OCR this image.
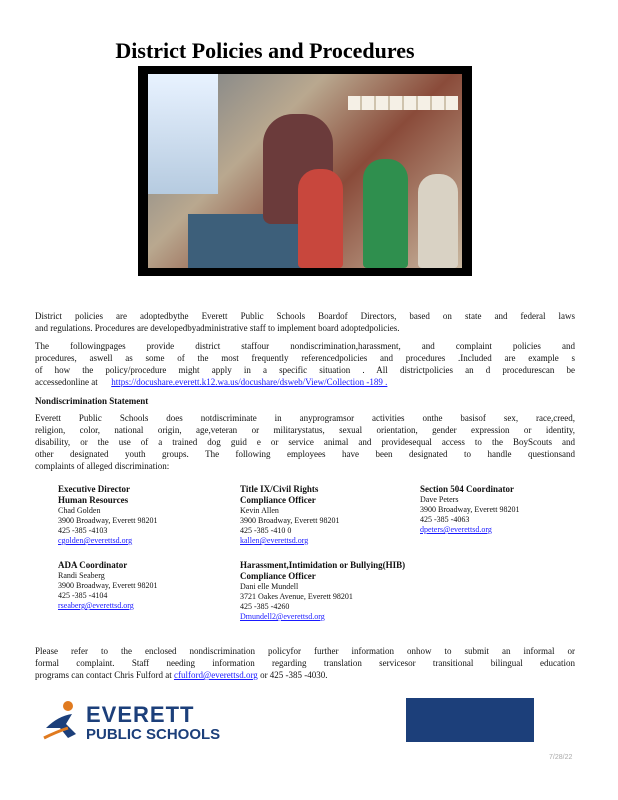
District Policies and Procedures

District policies are adoptedbythe Everett Public Schools Boardof Directors, based on state and federal laws

and regulations. Procedures are developedbyadministrative staff to implement board adoptedpolicies.

The followingpages provide district staffour nondiscrimination,harassment, and complaint policies and

procedures, aswell as some of the most frequently referencedpolicies and procedures .Included are example s

of how the policy/procedure might apply in a specific situation . All districtpolicies an d procedurescan be

accessedonline at https://docushare.everett.k12.wa.us/docushare/dsweb/View/Collection -189 .

Nondiscrimination Statement

Everett Public Schools does notdiscriminate in anyprogramsor activities onthe basisof sex, race,creed,

religion, color, national origin, age,veteran or militarystatus, sexual orientation, gender expression or identity,

disability, or the use of a trained dog guid e or service animal and providesequal access to the BoyScouts and

other designated youth groups. The following employees have been designated to handle questionsand

complaints of alleged discrimination:

Executive Director
Human Resources
Chad Golden
3900 Broadway, Everett 98201
425 -385 -4103
cgolden@everettsd.org
Title IX/Civil Rights
Compliance Officer
Kevin Allen
3900 Broadway, Everett 98201
425 -385 -410 0
kallen@everettsd.org
Section 504 Coordinator
Dave Peters
3900 Broadway, Everett 98201
425 -385 -4063
dpeters@everettsd.org
ADA Coordinator
Randi Seaberg
3900 Broadway, Everett 98201
425 -385 -4104
rseaberg@everettsd.org
Harassment,Intimidation or Bullying(HIB)
Compliance Officer
Dani elle Mundell
3721 Oakes Avenue, Everett 98201
425 -385 -4260
Dmundell2@everettsd.org

Please refer to the enclosed nondiscrimination policyfor further information onhow to submit an informal or

formal complaint. Staff needing information regarding translation servicesor transitional bilingual education

programs can contact Chris Fulford at cfulford@everettsd.org or 425 -385 -4030.

EVERETT
PUBLIC SCHOOLS
7/28/22
